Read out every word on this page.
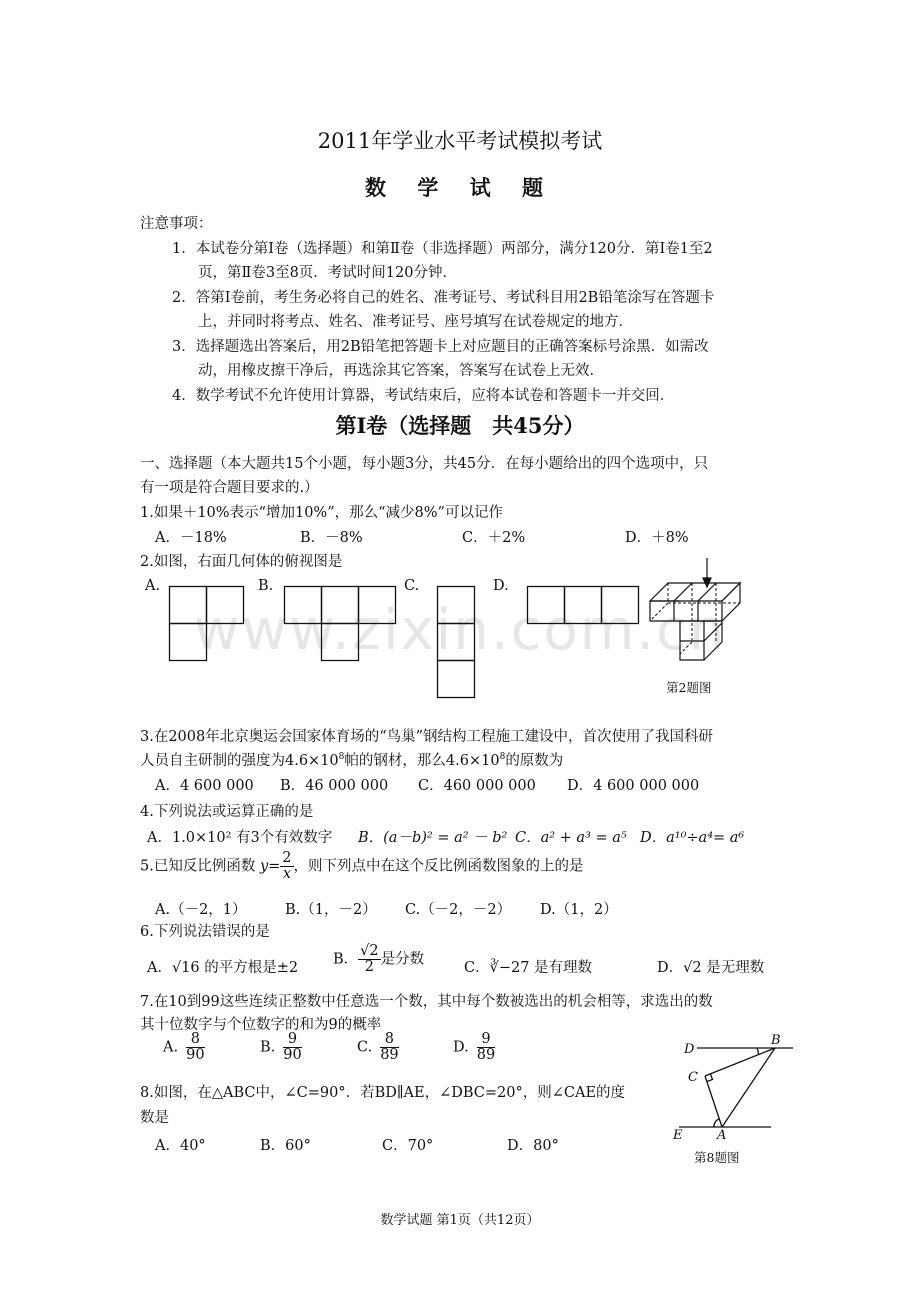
www.zixin.com.cn
2011年学业水平考试模拟考试
数 学 试 题
注意事项：
1．本试卷分第Ⅰ卷（选择题）和第Ⅱ卷（非选择题）两部分，满分120分．第Ⅰ卷1至2
页，第Ⅱ卷3至8页．考试时间120分钟．
2．答第Ⅰ卷前，考生务必将自己的姓名、准考证号、考试科目用2B铅笔涂写在答题卡
上，并同时将考点、姓名、准考证号、座号填写在试卷规定的地方．
3．选择题选出答案后，用2B铅笔把答题卡上对应题目的正确答案标号涂黑．如需改
动，用橡皮擦干净后，再选涂其它答案，答案写在试卷上无效．
4．数学考试不允许使用计算器，考试结束后，应将本试卷和答题卡一并交回．
第Ⅰ卷（选择题　共45分）
一、选择题（本大题共15个小题，每小题3分，共45分．在每小题给出的四个选项中，只
有一项是符合题目要求的.）
1.如果＋10%表示“增加10%”，那么“减少8%”可以记作
A．－18%	B．－8%	C．＋2%	D．＋8%
2.如图，右面几何体的俯视图是
A.	B.	C.	D.
第2题图
3.在2008年北京奥运会国家体育场的“鸟巢”钢结构工程施工建设中，首次使用了我国科研
人员自主研制的强度为$4.6\times 10^8$帕的钢材，那么$4.6\times 10^8$的原数为
A．4 600 000 B．46 000 000 C．460 000 000 D．4 600 000 000
4.下列说法或运算正确的是
A．1.0×10² 有3个有效数字 B．(a－b)² = a² － b² C．a² + a³ = a⁵ D．a¹⁰÷a⁴= a⁶
5.已知反比例函数 $y= \frac{2}{x}$ ，则下列点中在这个反比例函数图象的上的是
A.（－2，1）	B.（1，－2） C.（－2，－2） D.（1，2）
6.下列说法错误的是
A．√16 的平方根是±2
B． $\frac{√2}{2}$ 是分数
C．∛−27 是有理数	D．√2 是无理数
7.在10到99这些连续正整数中任意选一个数，其中每个数被选出的机会相等，求选出的数
其十位数字与个位数字的和为9的概率
A. $\frac{8}{90}$	B. $\frac{9}{90}$	C. $\frac{8}{89}$	D. $\frac{9}{89}$
8.如图，在△ABC中，∠C=90°．若BD∥AE，∠DBC=20°，则∠CAE的度
数是
A．40°	B．60°	C．70°	D．80°
D
B
C
E	A
第8题图
数学试题 第1页（共12页）
